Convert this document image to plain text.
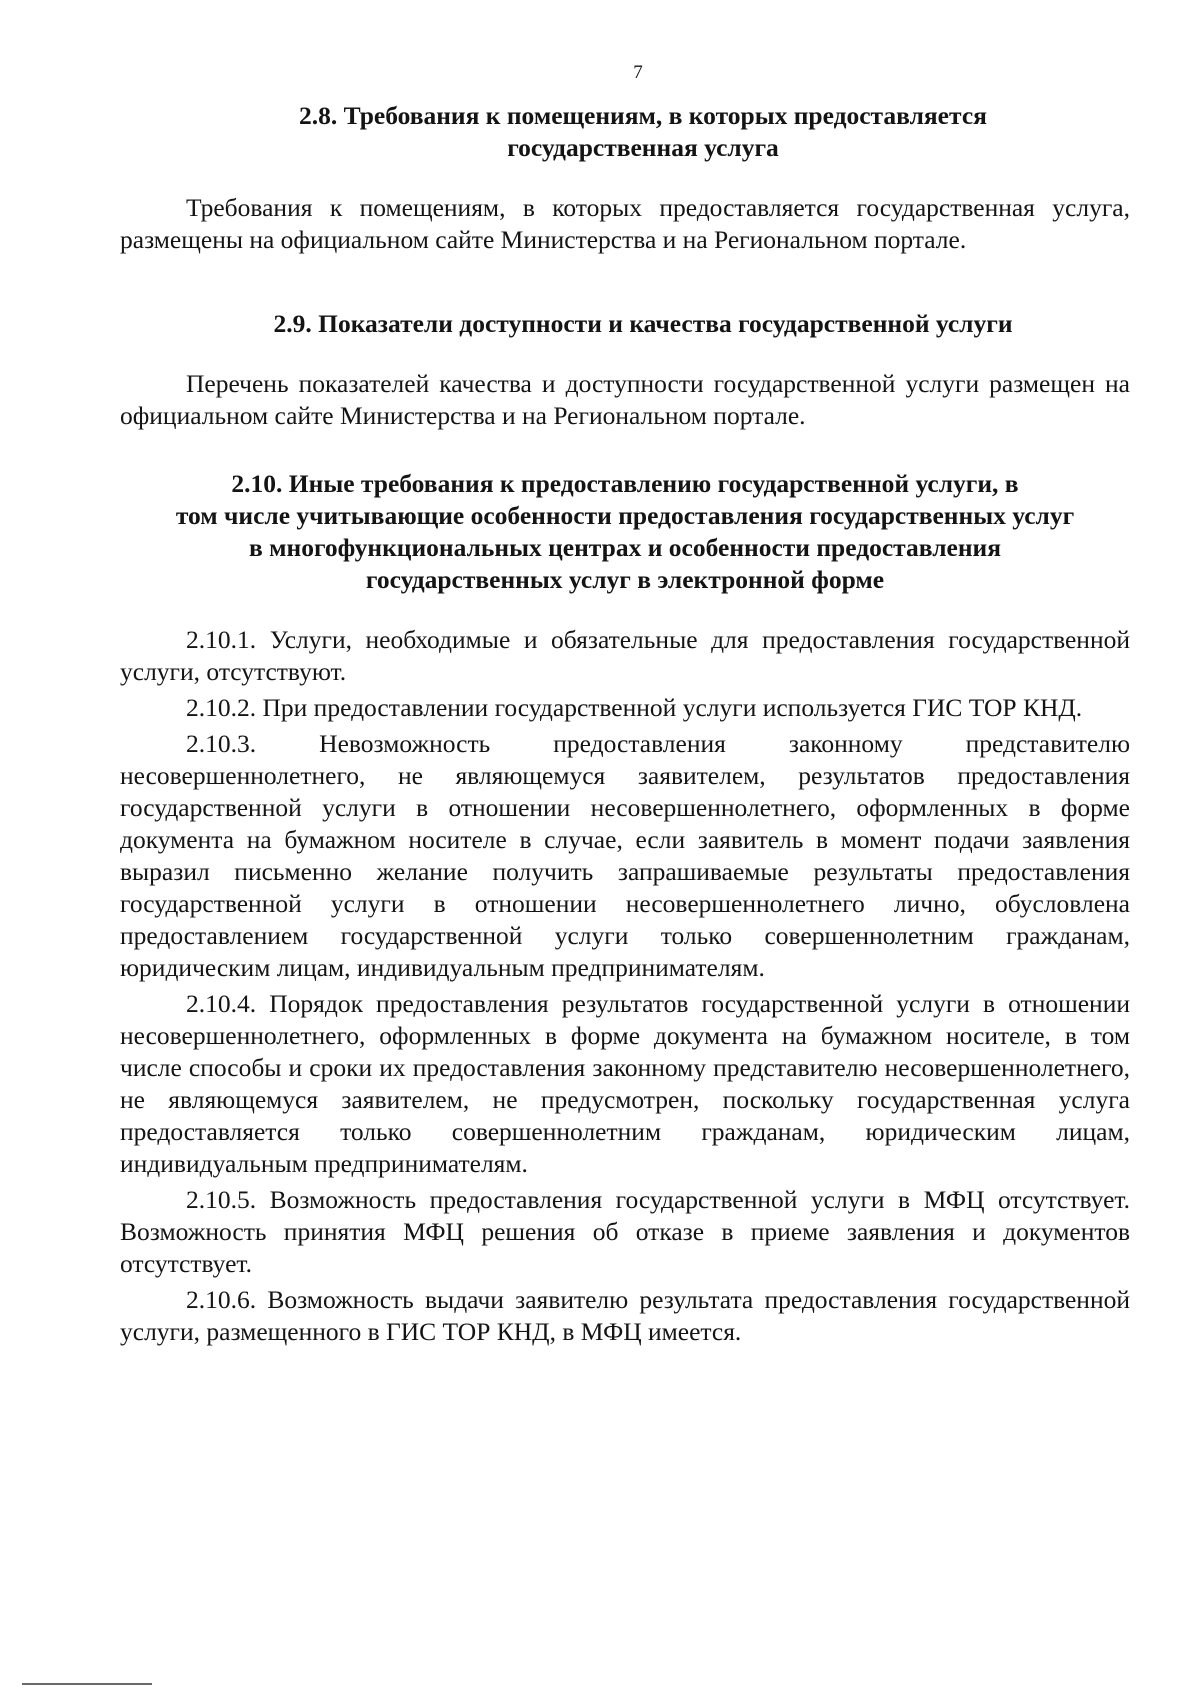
7
2.8. Требования к помещениям, в которых предоставляется
государственная услуга

Требования к помещениям, в которых предоставляется государственная услуга, размещены на официальном сайте Министерства и на Региональном портале.

2.9. Показатели доступности и качества государственной услуги

Перечень показателей качества и доступности государственной услуги размещен на официальном сайте Министерства и на Региональном портале.

2.10. Иные требования к предоставлению государственной услуги, в
том числе учитывающие особенности предоставления государственных услуг
в многофункциональных центрах и особенности предоставления
государственных услуг в электронной форме

2.10.1. Услуги, необходимые и обязательные для предоставления государственной услуги, отсутствуют.

2.10.2. При предоставлении государственной услуги используется ГИС ТОР КНД.

2.10.3. Невозможность предоставления законному представителю несовершеннолетнего, не являющемуся заявителем, результатов предоставления государственной услуги в отношении несовершеннолетнего, оформленных в форме документа на бумажном носителе в случае, если заявитель в момент подачи заявления выразил письменно желание получить запрашиваемые результаты предоставления государственной услуги в отношении несовершеннолетнего лично, обусловлена предоставлением государственной услуги только совершеннолетним гражданам, юридическим лицам, индивидуальным предпринимателям.

2.10.4. Порядок предоставления результатов государственной услуги в отношении несовершеннолетнего, оформленных в форме документа на бумажном носителе, в том числе способы и сроки их предоставления законному представителю несовершеннолетнего, не являющемуся заявителем, не предусмотрен, поскольку государственная услуга предоставляется только совершеннолетним гражданам, юридическим лицам, индивидуальным предпринимателям.

2.10.5. Возможность предоставления государственной услуги в МФЦ отсутствует. Возможность принятия МФЦ решения об отказе в приеме заявления и документов отсутствует.

2.10.6. Возможность выдачи заявителю результата предоставления государственной услуги, размещенного в ГИС ТОР КНД, в МФЦ имеется.
